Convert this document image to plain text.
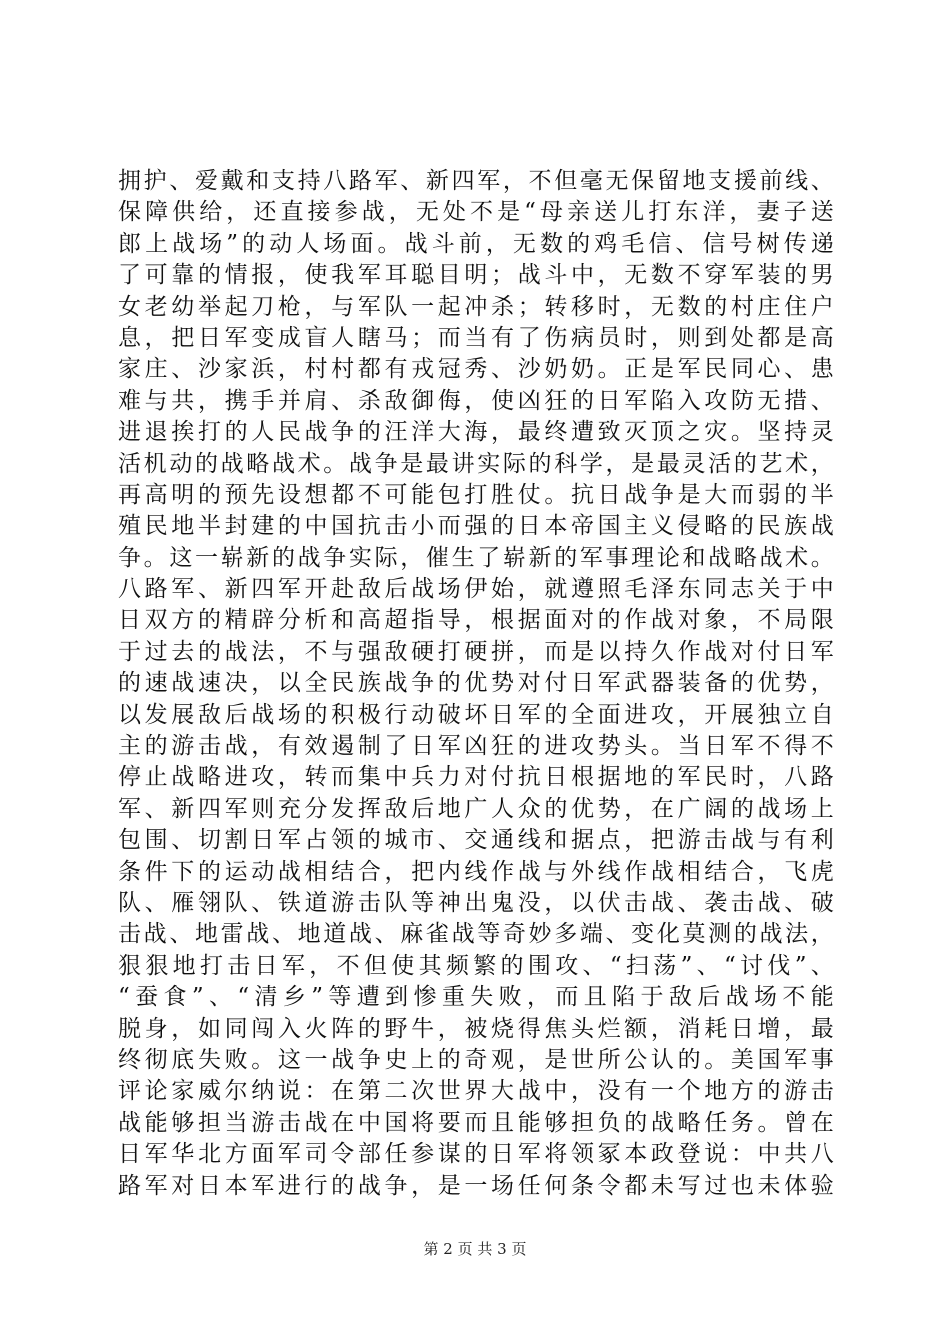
拥护、爱戴和支持八路军、新四军，不但毫无保留地支援前线、
保障供给，还直接参战，无处不是“母亲送儿打东洋，妻子送
郎上战场”的动人场面。战斗前，无数的鸡毛信、信号树传递
了可靠的情报，使我军耳聪目明；战斗中，无数不穿军装的男
女老幼举起刀枪，与军队一起冲杀；转移时，无数的村庄住户
息，把日军变成盲人瞎马；而当有了伤病员时，则到处都是高
家庄、沙家浜，村村都有戎冠秀、沙奶奶。正是军民同心、患
难与共，携手并肩、杀敌御侮，使凶狂的日军陷入攻防无措、
进退挨打的人民战争的汪洋大海，最终遭致灭顶之灾。坚持灵
活机动的战略战术。战争是最讲实际的科学，是最灵活的艺术，
再高明的预先设想都不可能包打胜仗。抗日战争是大而弱的半
殖民地半封建的中国抗击小而强的日本帝国主义侵略的民族战
争。这一崭新的战争实际，催生了崭新的军事理论和战略战术。
八路军、新四军开赴敌后战场伊始，就遵照毛泽东同志关于中
日双方的精辟分析和高超指导，根据面对的作战对象，不局限
于过去的战法，不与强敌硬打硬拼，而是以持久作战对付日军
的速战速决，以全民族战争的优势对付日军武器装备的优势，
以发展敌后战场的积极行动破坏日军的全面进攻，开展独立自
主的游击战，有效遏制了日军凶狂的进攻势头。当日军不得不
停止战略进攻，转而集中兵力对付抗日根据地的军民时，八路
军、新四军则充分发挥敌后地广人众的优势，在广阔的战场上
包围、切割日军占领的城市、交通线和据点，把游击战与有利
条件下的运动战相结合，把内线作战与外线作战相结合，飞虎
队、雁翎队、铁道游击队等神出鬼没，以伏击战、袭击战、破
击战、地雷战、地道战、麻雀战等奇妙多端、变化莫测的战法，
狠狠地打击日军，不但使其频繁的围攻、“扫荡”、“讨伐”、
“蚕食”、“清乡”等遭到惨重失败，而且陷于敌后战场不能
脱身，如同闯入火阵的野牛，被烧得焦头烂额，消耗日增，最
终彻底失败。这一战争史上的奇观，是世所公认的。美国军事
评论家威尔纳说：在第二次世界大战中，没有一个地方的游击
战能够担当游击战在中国将要而且能够担负的战略任务。曾在
日军华北方面军司令部任参谋的日军将领冢本政登说：中共八
路军对日本军进行的战争，是一场任何条令都未写过也未体验
第 2 页 共 3 页
